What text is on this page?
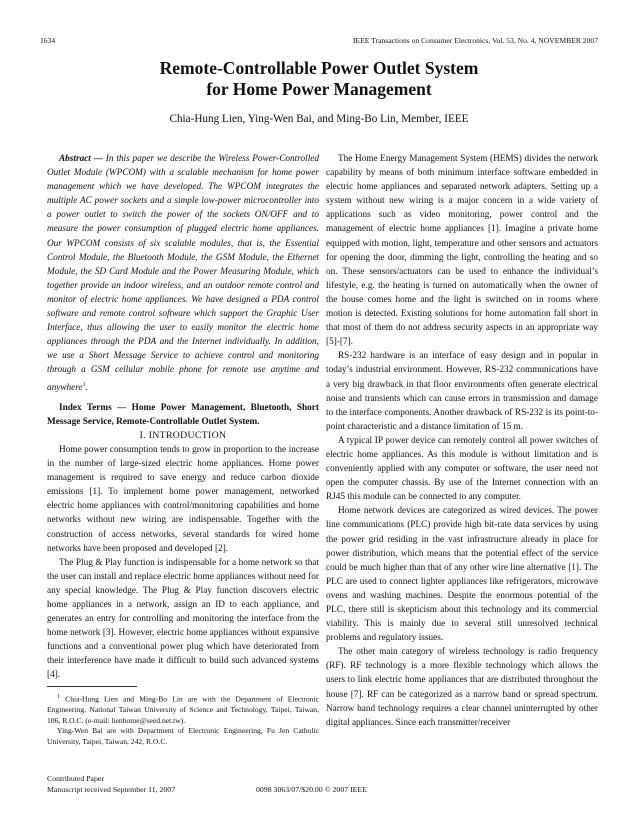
1634	IEEE Transactions on Consumer Electronics, Vol. 53, No. 4, NOVEMBER 2007
Remote-Controllable Power Outlet System
for Home Power Management
Chia-Hung Lien, Ying-Wen Bai, and Ming-Bo Lin, Member, IEEE

Abstract — In this paper we describe the Wireless Power-Controlled Outlet Module (WPCOM) with a scalable mechanism for home power management which we have developed. The WPCOM integrates the multiple AC power sockets and a simple low-power microcontroller into a power outlet to switch the power of the sockets ON/OFF and to measure the power consumption of plugged electric home appliances. Our WPCOM consists of six scalable modules, that is, the Essential Control Module, the Bluetooth Module, the GSM Module, the Ethernet Module, the SD Card Module and the Power Measuring Module, which together provide an indoor wireless, and an outdoor remote control and monitor of electric home appliances. We have designed a PDA control software and remote control software which support the Graphic User Interface, thus allowing the user to easily monitor the electric home appliances through the PDA and the Internet individually. In addition, we use a Short Message Service to achieve control and monitoring through a GSM cellular mobile phone for remote use anytime and anywhere$^1$.

Index Terms — Home Power Management, Bluetooth, Short Message Service, Remote-Controllable Outlet System.

I. INTRODUCTION

Home power consumption tends to grow in proportion to the increase in the number of large-sized electric home appliances. Home power management is required to save energy and reduce carbon dioxide emissions [1]. To implement home power management, networked electric home appliances with control/monitoring capabilities and home networks without new wiring are indispensable. Together with the construction of access networks, several standards for wired home networks have been proposed and developed [2].

The Plug & Play function is indispensable for a home network so that the user can install and replace electric home appliances without need for any special knowledge. The Plug & Play function discovers electric home appliances in a network, assign an ID to each appliance, and generates an entry for controlling and monitoring the interface from the home network [3]. However, electric home appliances without expansive functions and a conventional power plug which have deteriorated from their interference have made it difficult to build such advanced systems [4].

$^1$ Chia-Hung Lien and Ming-Bo Lin are with the Department of Electronic Engineering, National Taiwan University of Science and Technology, Taipei, Taiwan, 106, R.O.C. (e-mail: lienhome@seed.net.tw).

Ying-Wen Bai are with Department of Electronic Engineering, Fu Jen Catholic University, Taipei, Taiwan, 242, R.O.C.

Contributed Paper
Manuscript received September 11, 2007	0098 3063/07/$20.00 © 2007 IEEE

The Home Energy Management System (HEMS) divides the network capability by means of both minimum interface software embedded in electric home appliances and separated network adapters. Setting up a system without new wiring is a major concern in a wide variety of applications such as video monitoring, power control and the management of electric home appliances [1]. Imagine a private home equipped with motion, light, temperature and other sensors and actuators for opening the door, dimming the light, controlling the heating and so on. These sensors/actuators can be used to enhance the individual’s lifestyle, e.g. the heating is turned on automatically when the owner of the house comes home and the light is switched on in rooms where motion is detected. Existing solutions for home automation fall short in that most of them do not address security aspects in an appropriate way [5]-[7].

RS-232 hardware is an interface of easy design and in popular in today’s industrial environment. However, RS-232 communications have a very big drawback in that floor environments often generate electrical noise and transients which can cause errors in transmission and damage to the interface components. Another drawback of RS-232 is its point-to-point characteristic and a distance limitation of 15 m.

A typical IP power device can remotely control all power switches of electric home appliances. As this module is without limitation and is conveniently applied with any computer or software, the user need not open the computer chassis. By use of the Internet connection with an RJ45 this module can be connected to any computer.

Home network devices are categorized as wired devices. The power line communications (PLC) provide high bit-rate data services by using the power grid residing in the vast infrastructure already in place for power distribution, which means that the potential effect of the service could be much higher than that of any other wire line alternative [1]. The PLC are used to connect lighter appliances like refrigerators, microwave ovens and washing machines. Despite the enormous potential of the PLC, there still is skepticism about this technology and its commercial viability. This is mainly due to several still unresolved technical problems and regulatory issues.

The other main category of wireless technology is radio frequency (RF). RF technology is a more flexible technology which allows the users to link electric home appliances that are distributed throughout the house [7]. RF can be categorized as a narrow band or spread spectrum. Narrow band technology requires a clear channel uninterrupted by other digital appliances. Since each transmitter/receiver
